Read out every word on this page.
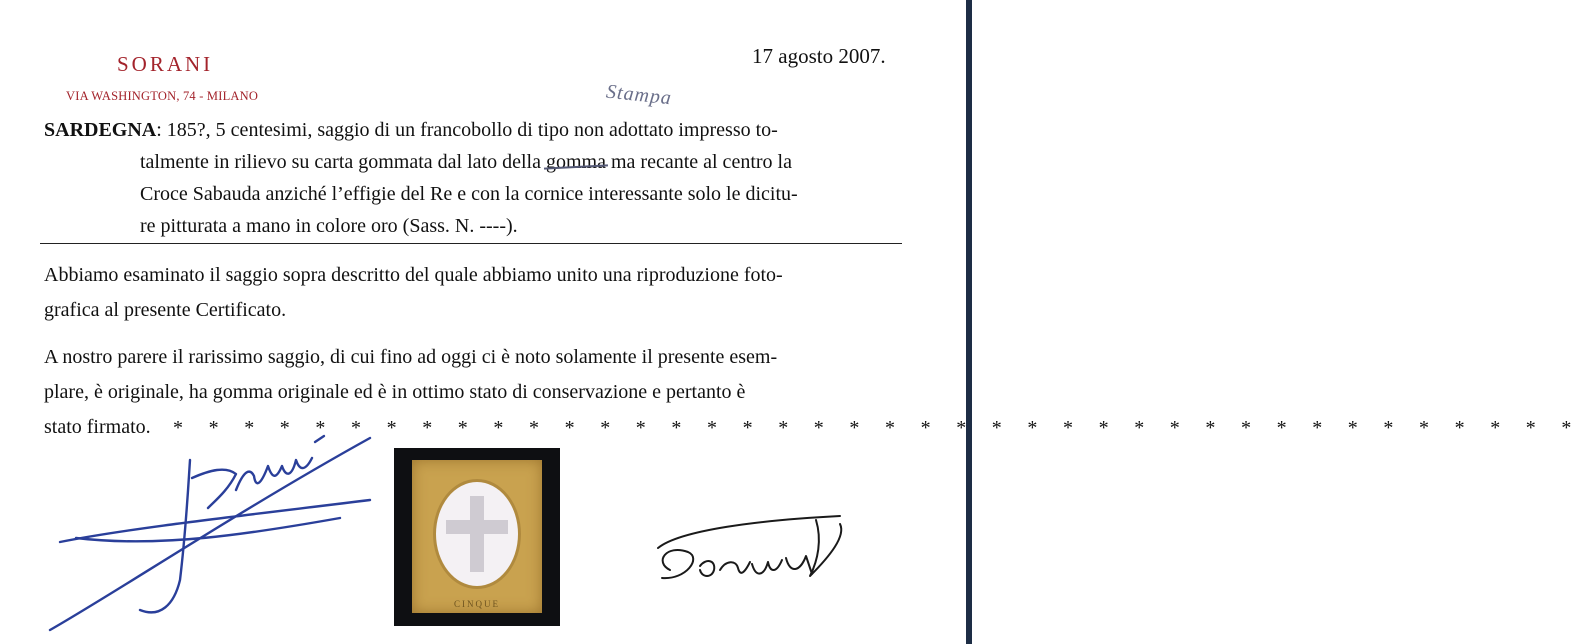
SORANI
VIA WASHINGTON, 74 - MILANO
17 agosto 2007.
Stampa
SARDEGNA: 185?, 5 centesimi, saggio di un francobollo di tipo non adottato impresso to-
talmente in rilievo su carta gommata dal lato della gomma ma recante al centro la
Croce Sabauda anziché l’effigie del Re e con la cornice interessante solo le dicitu-
re pitturata a mano in colore oro (Sass. N. ----).
Abbiamo esaminato il saggio sopra descritto del quale abbiamo unito una riproduzione foto-
grafica al presente Certificato.
A nostro parere il rarissimo saggio, di cui fino ad oggi ci è noto solamente il presente esem-
plare, è originale, ha gomma originale ed è in ottimo stato di conservazione e pertanto è
stato firmato. * * * * * * * * * * * * * * * * * * * * * * * * * * * * * * * * * * * * * * * *
CINQUE
